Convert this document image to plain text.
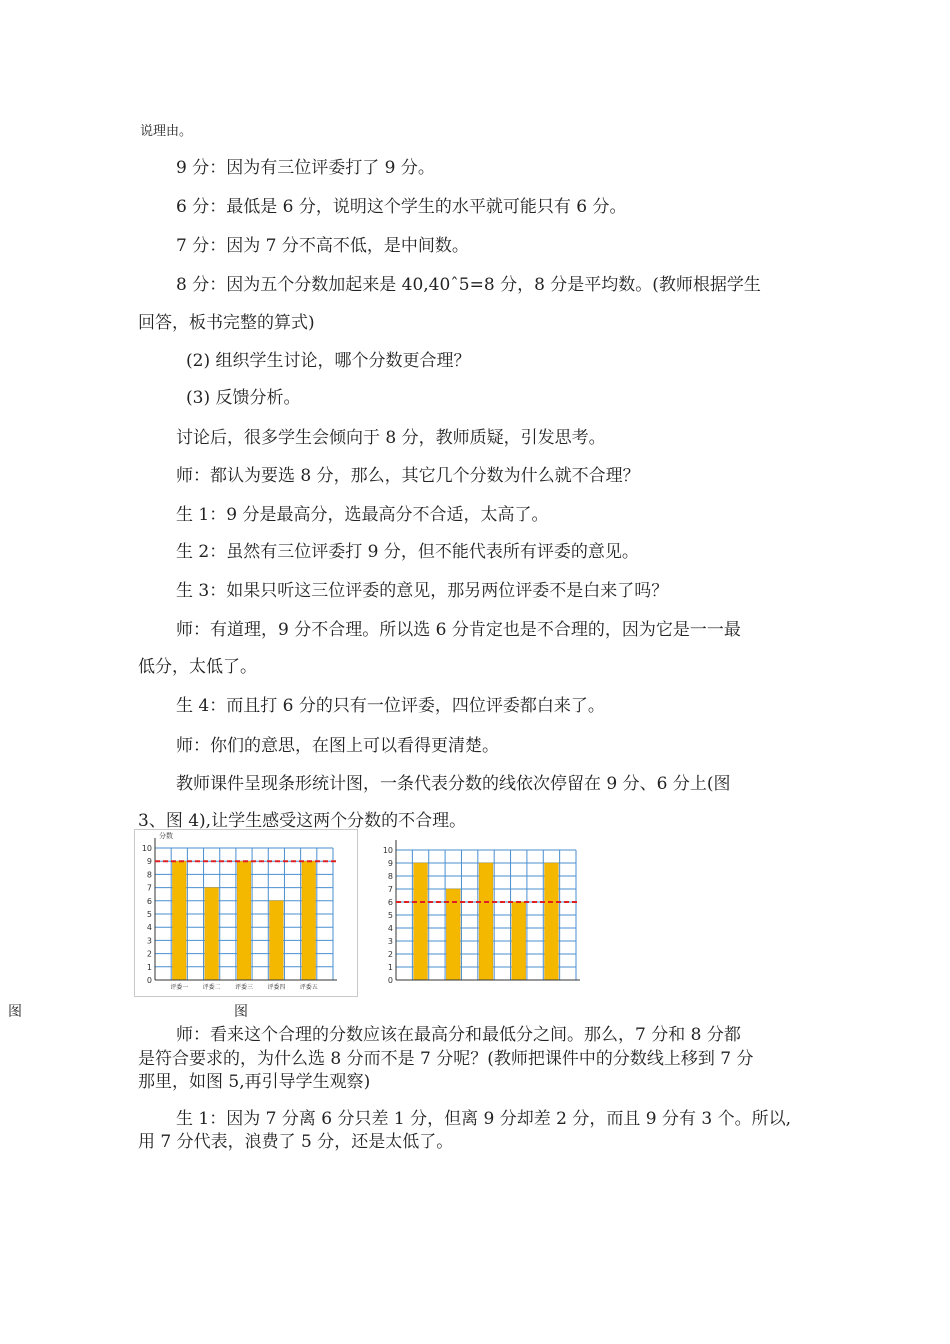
说理由。
9 分：因为有三位评委打了 9 分。
6 分：最低是 6 分，说明这个学生的水平就可能只有 6 分。
7 分：因为 7 分不高不低，是中间数。
8 分：因为五个分数加起来是 40,40ˆ5=8 分，8 分是平均数。(教师根据学生
回答，板书完整的算式)
(2) 组织学生讨论，哪个分数更合理？
(3) 反馈分析。
讨论后，很多学生会倾向于 8 分，教师质疑，引发思考。
师：都认为要选 8 分，那么，其它几个分数为什么就不合理？
生 1：9 分是最高分，选最高分不合适，太高了。
生 2：虽然有三位评委打 9 分，但不能代表所有评委的意见。
生 3：如果只听这三位评委的意见，那另两位评委不是白来了吗？
师：有道理，9 分不合理。所以选 6 分肯定也是不合理的，因为它是一一最
低分，太低了。
生 4：而且打 6 分的只有一位评委，四位评委都白来了。
师：你们的意思，在图上可以看得更清楚。
教师课件呈现条形统计图，一条代表分数的线依次停留在 9 分、6 分上(图
3、图 4),让学生感受这两个分数的不合理。
0
1
2
3
4
5
6
7
8
9
10
评委一 评委二 评委三 评委四 评委五
分数
0
1
2
3
4
5
6
7
8
9
10
图	图
师：看来这个合理的分数应该在最高分和最低分之间。那么，7 分和 8 分都
是符合要求的，为什么选 8 分而不是 7 分呢？(教师把课件中的分数线上移到 7 分
那里，如图 5,再引导学生观察)
生 1：因为 7 分离 6 分只差 1 分，但离 9 分却差 2 分，而且 9 分有 3 个。所以,
用 7 分代表，浪费了 5 分，还是太低了。
